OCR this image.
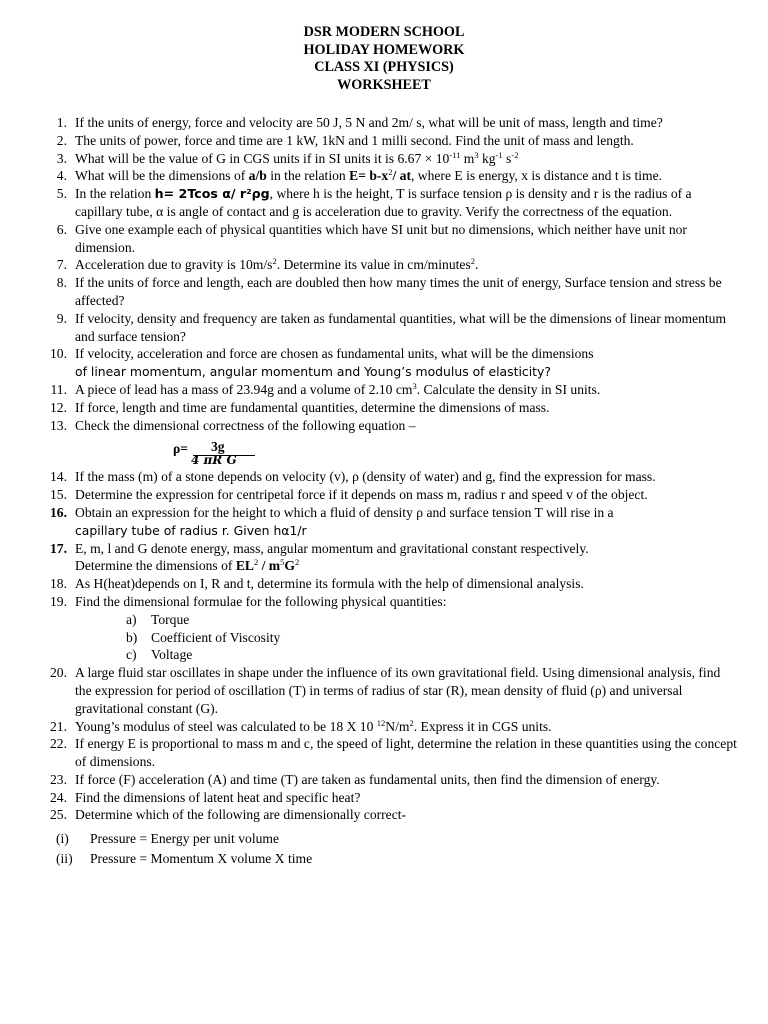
DSR MODERN SCHOOL
HOLIDAY HOMEWORK
CLASS XI (PHYSICS)
WORKSHEET
1. If the units of energy, force and velocity are 50 J, 5 N and 2m/ s, what will be unit of mass, length and time?
2. The units of power, force and time are 1 kW, 1kN and 1 milli second. Find the unit of mass and length.
3. What will be the value of G in CGS units if in SI units it is $6.67 \times 10^{-11}$ $m^3$ $kg^{-1}$ $s^{-2}$
4. What will be the dimensions of a/b in the relation $E= b-x^2/$ at, where E is energy, x is distance and t is time.
5. In the relation h= 2Tcos α/ r²ρg, where h is the height, T is surface tension ρ is density and r is the radius of a capillary tube, α is angle of contact and g is acceleration due to gravity. Verify the correctness of the equation.
6. Give one example each of physical quantities which have SI unit but no dimensions, which neither have unit nor dimension.
7. Acceleration due to gravity is $10m/s^2$. Determine its value in cm/minutes$^2$.
8. If the units of force and length, each are doubled then how many times the unit of energy, Surface tension and stress be affected?
9. If velocity, density and frequency are taken as fundamental quantities, what will be the dimensions of linear momentum and surface tension?
10. If velocity, acceleration and force are chosen as fundamental units, what will be the dimensions
of linear momentum, angular momentum and Young’s modulus of elasticity?
11. A piece of lead has a mass of 23.94g and a volume of 2.10 $cm^3$. Calculate the density in SI units.
12. If force, length and time are fundamental quantities, determine the dimensions of mass.
13. Check the dimensional correctness of the following equation –
ρ= 3g
4 πR G
14. If the mass (m) of a stone depends on velocity (v), ρ (density of water) and g, find the expression for mass.
15. Determine the expression for centripetal force if it depends on mass m, radius r and speed v of the object.
16. Obtain an expression for the height to which a fluid of density ρ and surface tension T will rise in a
capillary tube of radius r. Given hα1/r
17. E, m, l and G denote energy, mass, angular momentum and gravitational constant respectively.
Determine the dimensions of $EL^2 / m^5G^2$
18. As H(heat)depends on I, R and t, determine its formula with the help of dimensional analysis.
19. Find the dimensional formulae for the following physical quantities:
a) Torque
b) Coefficient of Viscosity
c) Voltage
20. A large fluid star oscillates in shape under the influence of its own gravitational field. Using dimensional analysis, find the expression for period of oscillation (T) in terms of radius of star (R), mean density of fluid (ρ) and universal gravitational constant (G).
21. Young’s modulus of steel was calculated to be 18 X 10 $^{12}N/m^2$. Express it in CGS units.
22. If energy E is proportional to mass m and c, the speed of light, determine the relation in these quantities using the concept of dimensions.
23. If force (F) acceleration (A) and time (T) are taken as fundamental units, then find the dimension of energy.
24. Find the dimensions of latent heat and specific heat?
25. Determine which of the following are dimensionally correct-
(i) Pressure = Energy per unit volume
(ii) Pressure = Momentum X volume X time
